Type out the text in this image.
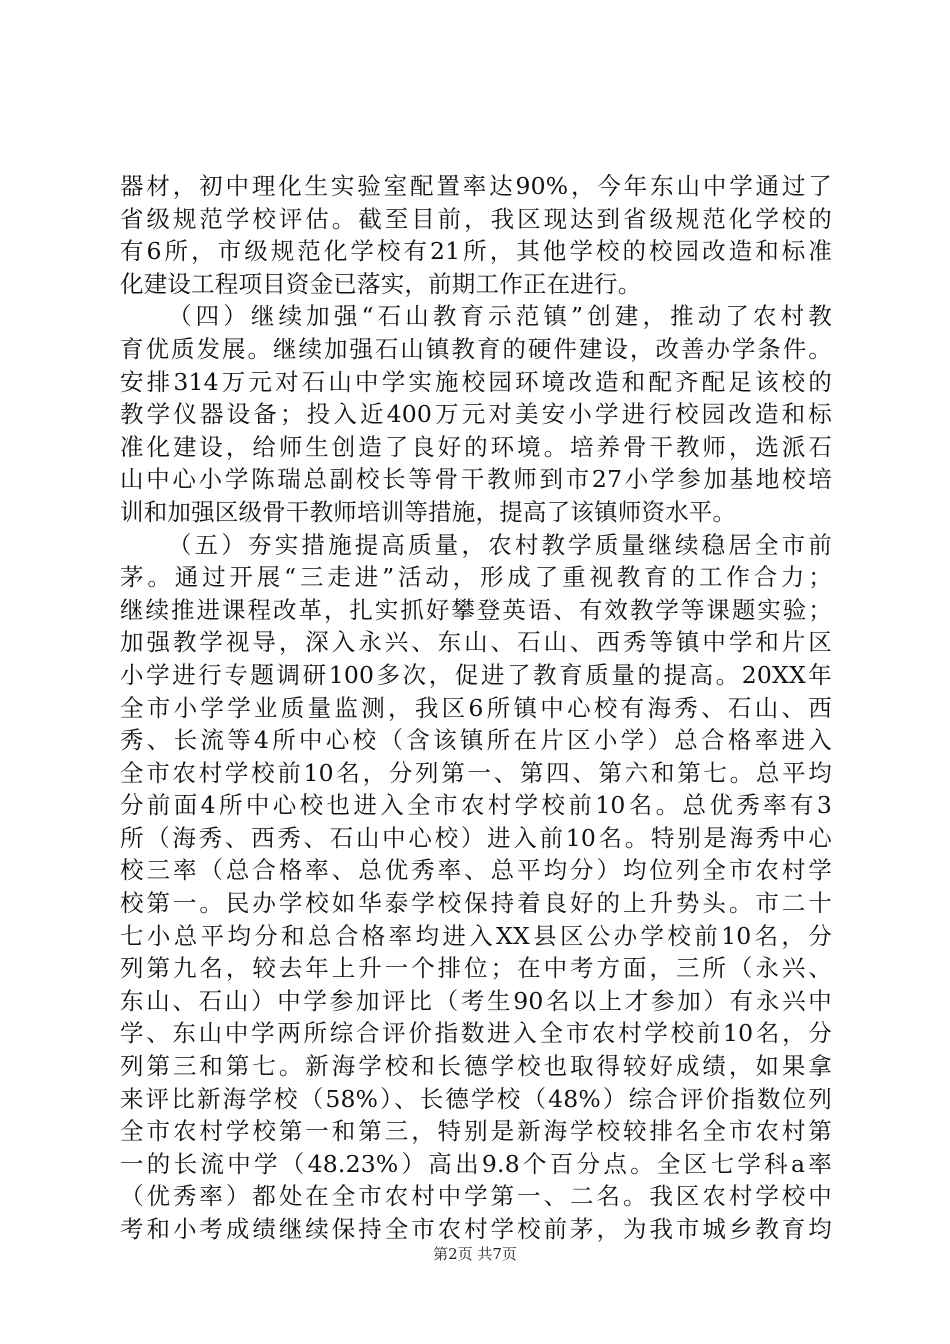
器材，初中理化生实验室配置率达90%，今年东山中学通过了
省级规范学校评估。截至目前，我区现达到省级规范化学校的
有6所，市级规范化学校有21所，其他学校的校园改造和标准
化建设工程项目资金已落实，前期工作正在进行。
（四）继续加强“石山教育示范镇”创建，推动了农村教
育优质发展。继续加强石山镇教育的硬件建设，改善办学条件。
安排314万元对石山中学实施校园环境改造和配齐配足该校的
教学仪器设备；投入近400万元对美安小学进行校园改造和标
准化建设，给师生创造了良好的环境。培养骨干教师，选派石
山中心小学陈瑞总副校长等骨干教师到市27小学参加基地校培
训和加强区级骨干教师培训等措施，提高了该镇师资水平。
（五）夯实措施提高质量，农村教学质量继续稳居全市前
茅。通过开展“三走进”活动，形成了重视教育的工作合力；
继续推进课程改革，扎实抓好攀登英语、有效教学等课题实验；
加强教学视导，深入永兴、东山、石山、西秀等镇中学和片区
小学进行专题调研100多次，促进了教育质量的提高。20XX年
全市小学学业质量监测，我区6所镇中心校有海秀、石山、西
秀、长流等4所中心校（含该镇所在片区小学）总合格率进入
全市农村学校前10名，分列第一、第四、第六和第七。总平均
分前面4所中心校也进入全市农村学校前10名。总优秀率有3
所（海秀、西秀、石山中心校）进入前10名。特别是海秀中心
校三率（总合格率、总优秀率、总平均分）均位列全市农村学
校第一。民办学校如华泰学校保持着良好的上升势头。市二十
七小总平均分和总合格率均进入XX县区公办学校前10名，分
列第九名，较去年上升一个排位；在中考方面，三所（永兴、
东山、石山）中学参加评比（考生90名以上才参加）有永兴中
学、东山中学两所综合评价指数进入全市农村学校前10名，分
列第三和第七。新海学校和长德学校也取得较好成绩，如果拿
来评比新海学校（58%）、长德学校（48%）综合评价指数位列
全市农村学校第一和第三，特别是新海学校较排名全市农村第
一的长流中学（48.23%）高出9.8个百分点。全区七学科a率
（优秀率）都处在全市农村中学第一、二名。我区农村学校中
考和小考成绩继续保持全市农村学校前茅，为我市城乡教育均
第2页 共7页
